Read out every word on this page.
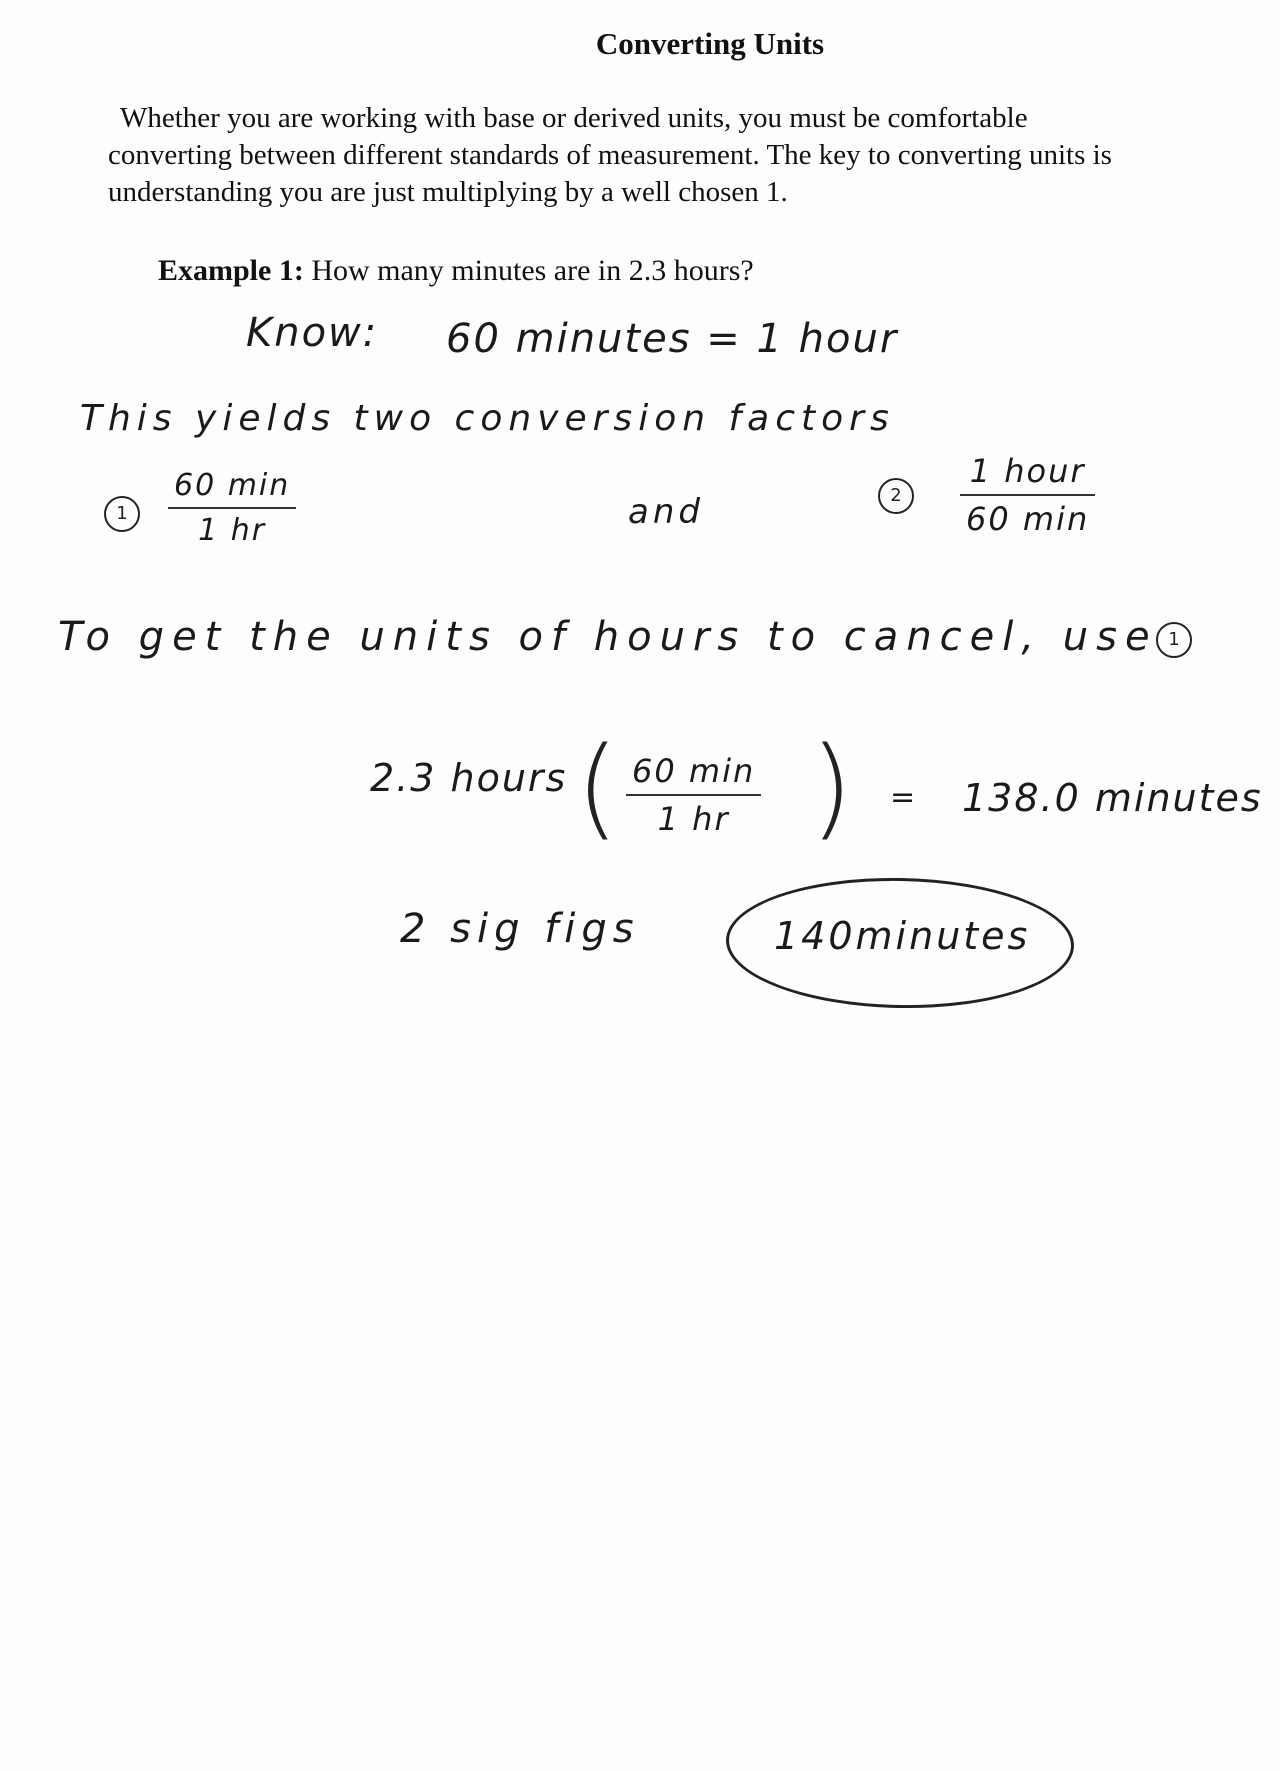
Converting Units
Whether you are working with base or derived units, you must be comfortable
converting between different standards of measurement. The key to converting units is
understanding you are just multiplying by a well chosen 1.
Example 1: How many minutes are in 2.3 hours?
Know: 60 minutes = 1 hour
This yields two conversion factors
1
60 min
1 hr	and	2
1 hour
60 min
To get the units of hours to cancel, use 1
2.3 hours ( 60 min
1 hr ) = 138.0 minutes
2 sig figs	140minutes
